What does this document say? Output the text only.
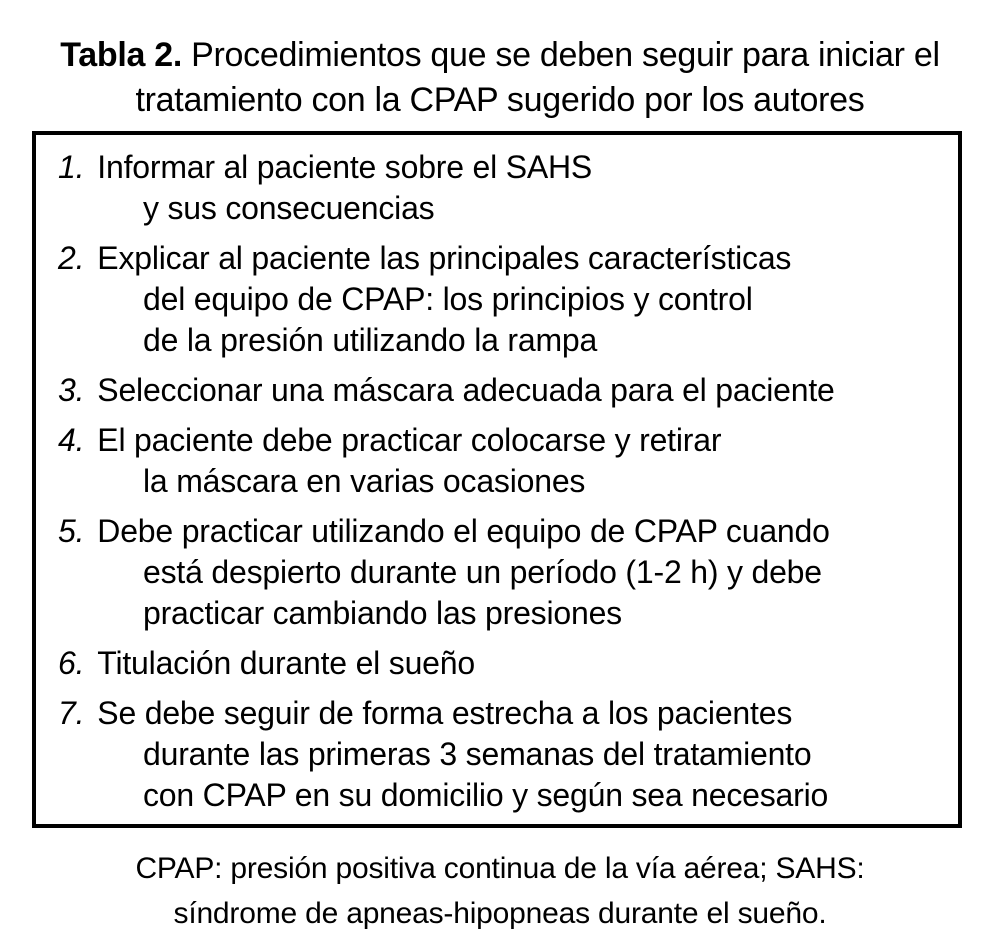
Tabla 2. Procedimientos que se deben seguir para iniciar el tratamiento con la CPAP sugerido por los autores
1. Informar al paciente sobre el SAHS
y sus consecuencias
2. Explicar al paciente las principales características
del equipo de CPAP: los principios y control
de la presión utilizando la rampa
3. Seleccionar una máscara adecuada para el paciente
4. El paciente debe practicar colocarse y retirar
la máscara en varias ocasiones
5. Debe practicar utilizando el equipo de CPAP cuando
está despierto durante un período (1-2 h) y debe
practicar cambiando las presiones
6. Titulación durante el sueño
7. Se debe seguir de forma estrecha a los pacientes
durante las primeras 3 semanas del tratamiento
con CPAP en su domicilio y según sea necesario
CPAP: presión positiva continua de la vía aérea; SAHS:
síndrome de apneas-hipopneas durante el sueño.
